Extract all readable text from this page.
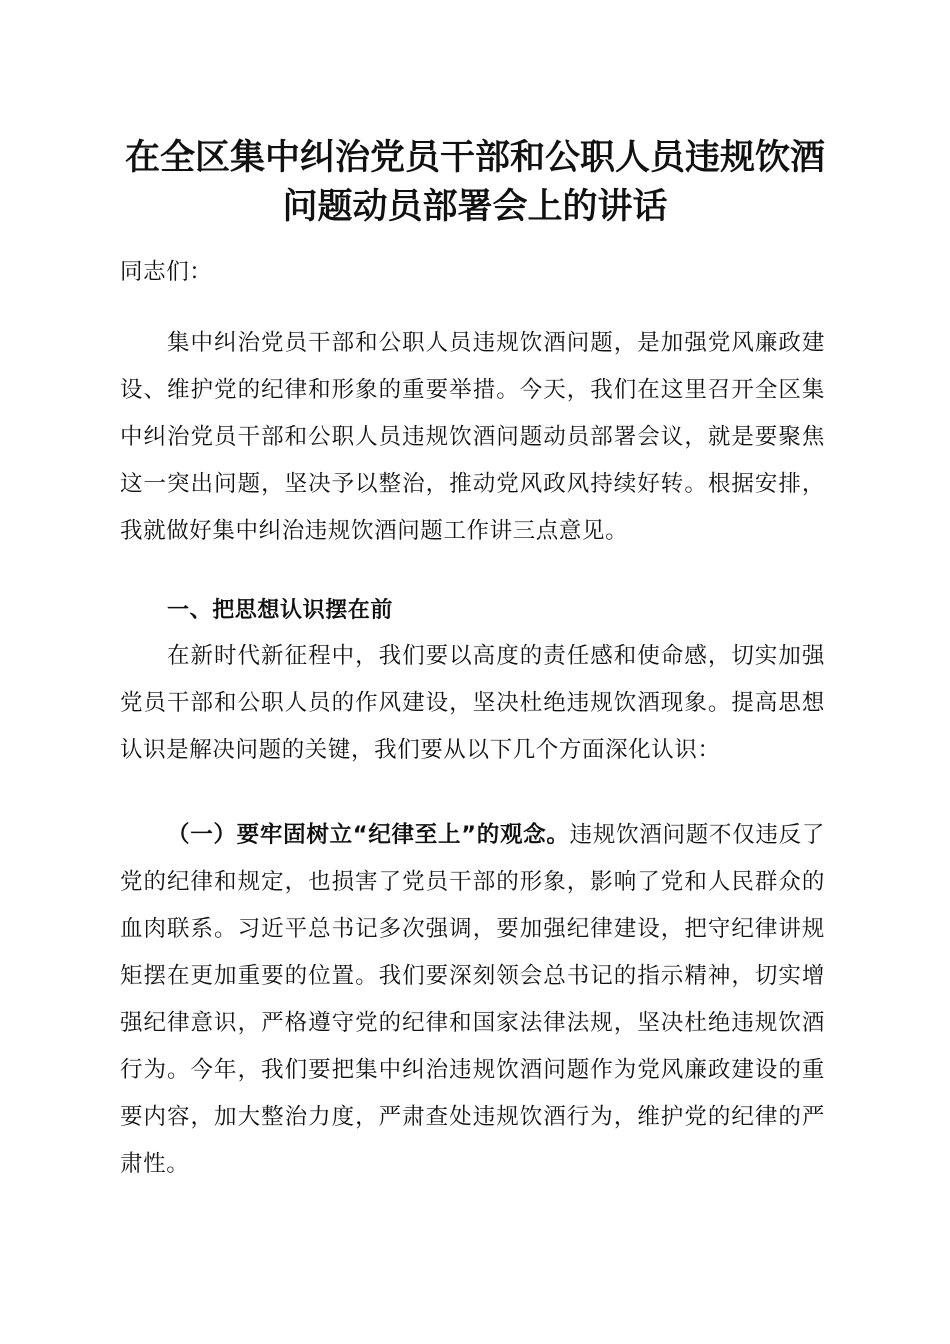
在全区集中纠治党员干部和公职人员违规饮酒
问题动员部署会上的讲话

同志们：

集中纠治党员干部和公职人员违规饮酒问题，是加强党风廉政建设、维护党的纪律和形象的重要举措。今天，我们在这里召开全区集中纠治党员干部和公职人员违规饮酒问题动员部署会议，就是要聚焦这一突出问题，坚决予以整治，推动党风政风持续好转。根据安排，我就做好集中纠治违规饮酒问题工作讲三点意见。

一、把思想认识摆在前

在新时代新征程中，我们要以高度的责任感和使命感，切实加强党员干部和公职人员的作风建设，坚决杜绝违规饮酒现象。提高思想认识是解决问题的关键，我们要从以下几个方面深化认识：

（一）要牢固树立“纪律至上”的观念。违规饮酒问题不仅违反了党的纪律和规定，也损害了党员干部的形象，影响了党和人民群众的血肉联系。习近平总书记多次强调，要加强纪律建设，把守纪律讲规矩摆在更加重要的位置。我们要深刻领会总书记的指示精神，切实增强纪律意识，严格遵守党的纪律和国家法律法规，坚决杜绝违规饮酒行为。今年，我们要把集中纠治违规饮酒问题作为党风廉政建设的重要内容，加大整治力度，严肃查处违规饮酒行为，维护党的纪律的严肃性。
